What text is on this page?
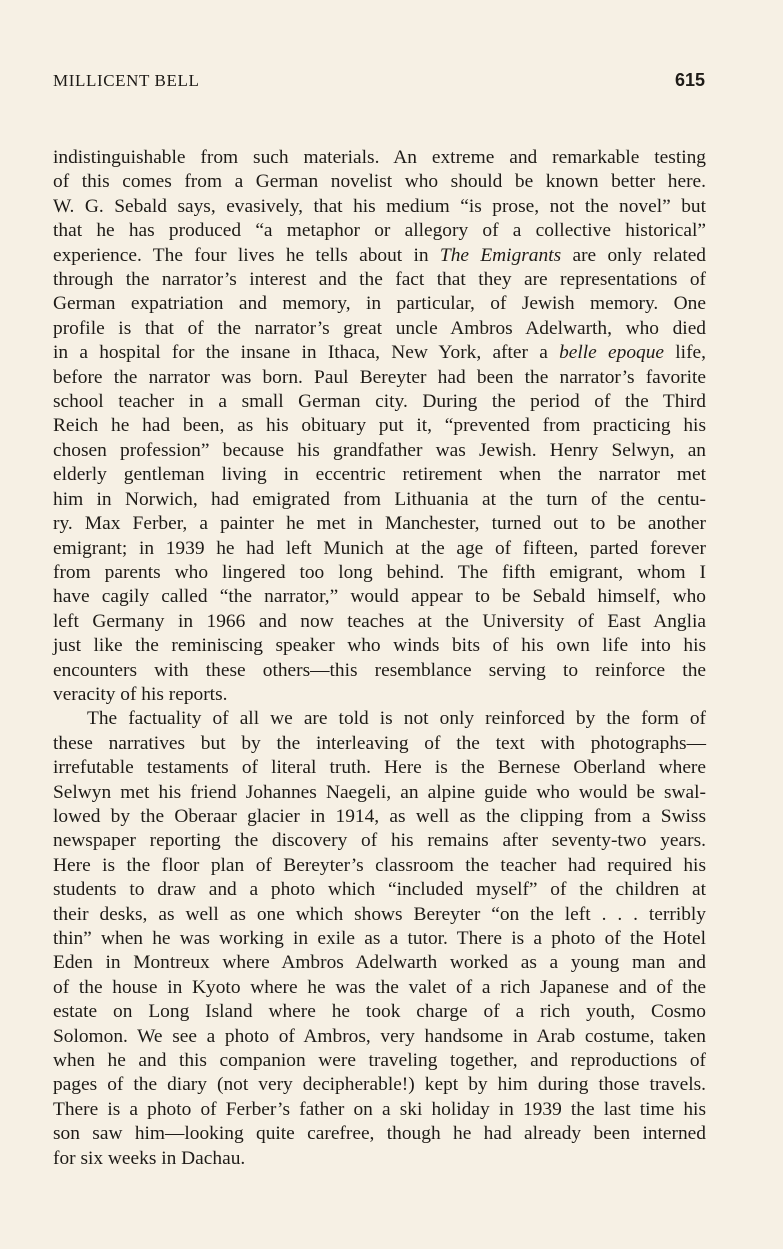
MILLICENT BELL	615
indistinguishable from such materials. An extreme and remarkable testing
of this comes from a German novelist who should be known better here.
W. G. Sebald says, evasively, that his medium “is prose, not the novel” but
that he has produced “a metaphor or allegory of a collective historical”
experience. The four lives he tells about in The Emigrants are only related
through the narrator’s interest and the fact that they are representations of
German expatriation and memory, in particular, of Jewish memory. One
profile is that of the narrator’s great uncle Ambros Adelwarth, who died
in a hospital for the insane in Ithaca, New York, after a belle epoque life,
before the narrator was born. Paul Bereyter had been the narrator’s favorite
school teacher in a small German city. During the period of the Third
Reich he had been, as his obituary put it, “prevented from practicing his
chosen profession” because his grandfather was Jewish. Henry Selwyn, an
elderly gentleman living in eccentric retirement when the narrator met
him in Norwich, had emigrated from Lithuania at the turn of the centu-
ry. Max Ferber, a painter he met in Manchester, turned out to be another
emigrant; in 1939 he had left Munich at the age of fifteen, parted forever
from parents who lingered too long behind. The fifth emigrant, whom I
have cagily called “the narrator,” would appear to be Sebald himself, who
left Germany in 1966 and now teaches at the University of East Anglia
just like the reminiscing speaker who winds bits of his own life into his
encounters with these others—this resemblance serving to reinforce the
veracity of his reports.
The factuality of all we are told is not only reinforced by the form of
these narratives but by the interleaving of the text with photographs—
irrefutable testaments of literal truth. Here is the Bernese Oberland where
Selwyn met his friend Johannes Naegeli, an alpine guide who would be swal-
lowed by the Oberaar glacier in 1914, as well as the clipping from a Swiss
newspaper reporting the discovery of his remains after seventy-two years.
Here is the floor plan of Bereyter’s classroom the teacher had required his
students to draw and a photo which “included myself” of the children at
their desks, as well as one which shows Bereyter “on the left . . . terribly
thin” when he was working in exile as a tutor. There is a photo of the Hotel
Eden in Montreux where Ambros Adelwarth worked as a young man and
of the house in Kyoto where he was the valet of a rich Japanese and of the
estate on Long Island where he took charge of a rich youth, Cosmo
Solomon. We see a photo of Ambros, very handsome in Arab costume, taken
when he and this companion were traveling together, and reproductions of
pages of the diary (not very decipherable!) kept by him during those travels.
There is a photo of Ferber’s father on a ski holiday in 1939 the last time his
son saw him—looking quite carefree, though he had already been interned
for six weeks in Dachau.
